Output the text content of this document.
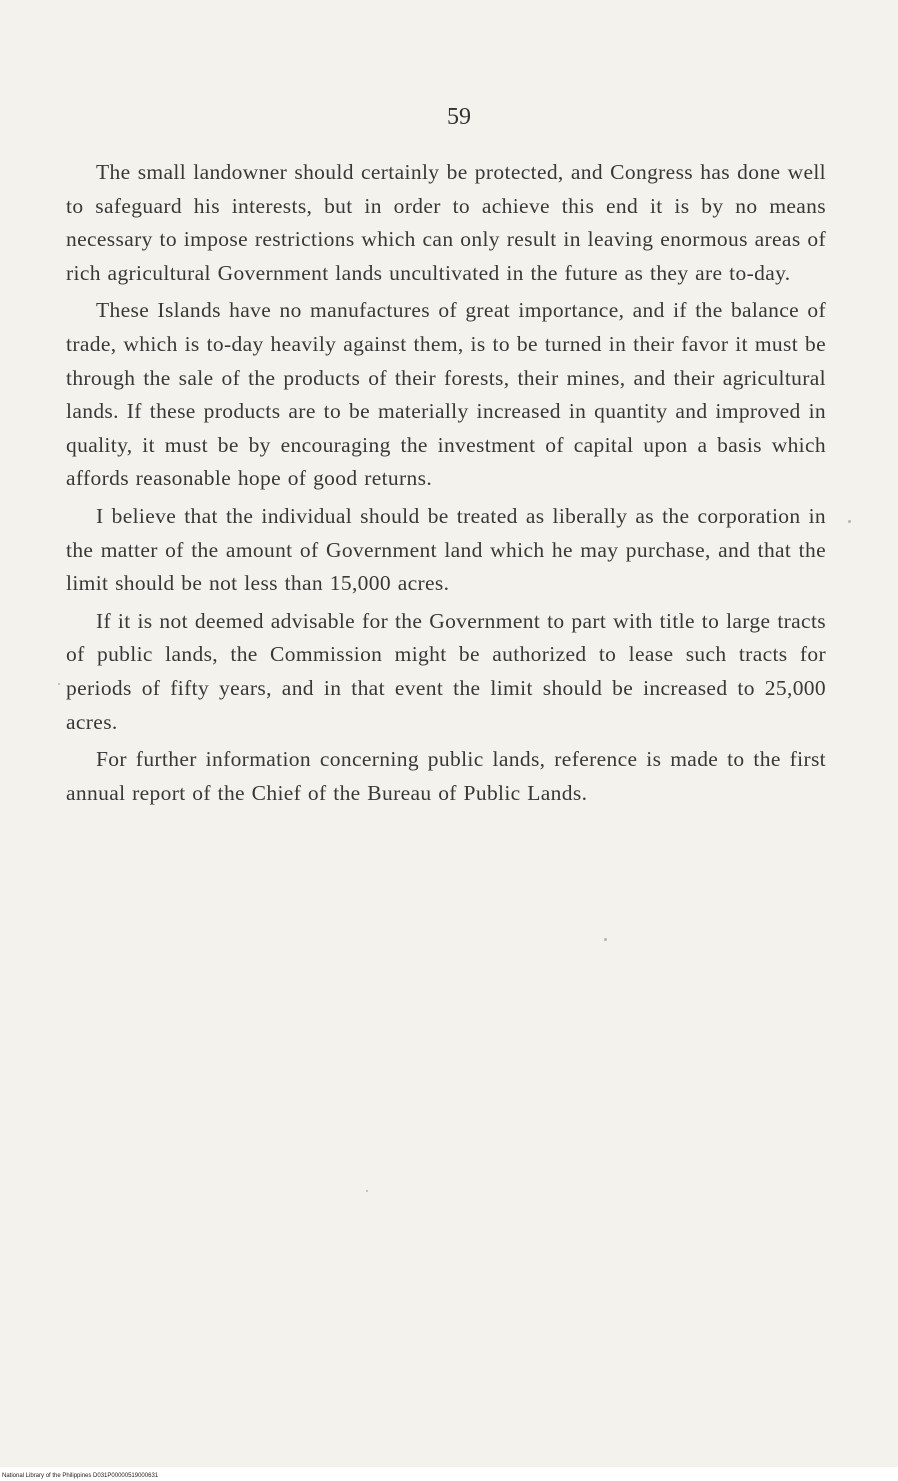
59

The small landowner should certainly be protected, and Congress has done well to safeguard his interests, but in order to achieve this end it is by no means necessary to impose restrictions which can only result in leaving enormous areas of rich agricultural Government lands uncultivated in the future as they are to-day.

These Islands have no manufactures of great importance, and if the balance of trade, which is to-day heavily against them, is to be turned in their favor it must be through the sale of the products of their forests, their mines, and their agricultural lands. If these products are to be materially increased in quantity and improved in quality, it must be by encouraging the investment of capital upon a basis which affords reasonable hope of good returns.

I believe that the individual should be treated as liberally as the corporation in the matter of the amount of Government land which he may purchase, and that the limit should be not less than 15,000 acres.

If it is not deemed advisable for the Government to part with title to large tracts of public lands, the Commission might be authorized to lease such tracts for periods of fifty years, and in that event the limit should be increased to 25,000 acres.

For further information concerning public lands, reference is made to the first annual report of the Chief of the Bureau of Public Lands.

National Library of the Philippines D031P00000519000631
